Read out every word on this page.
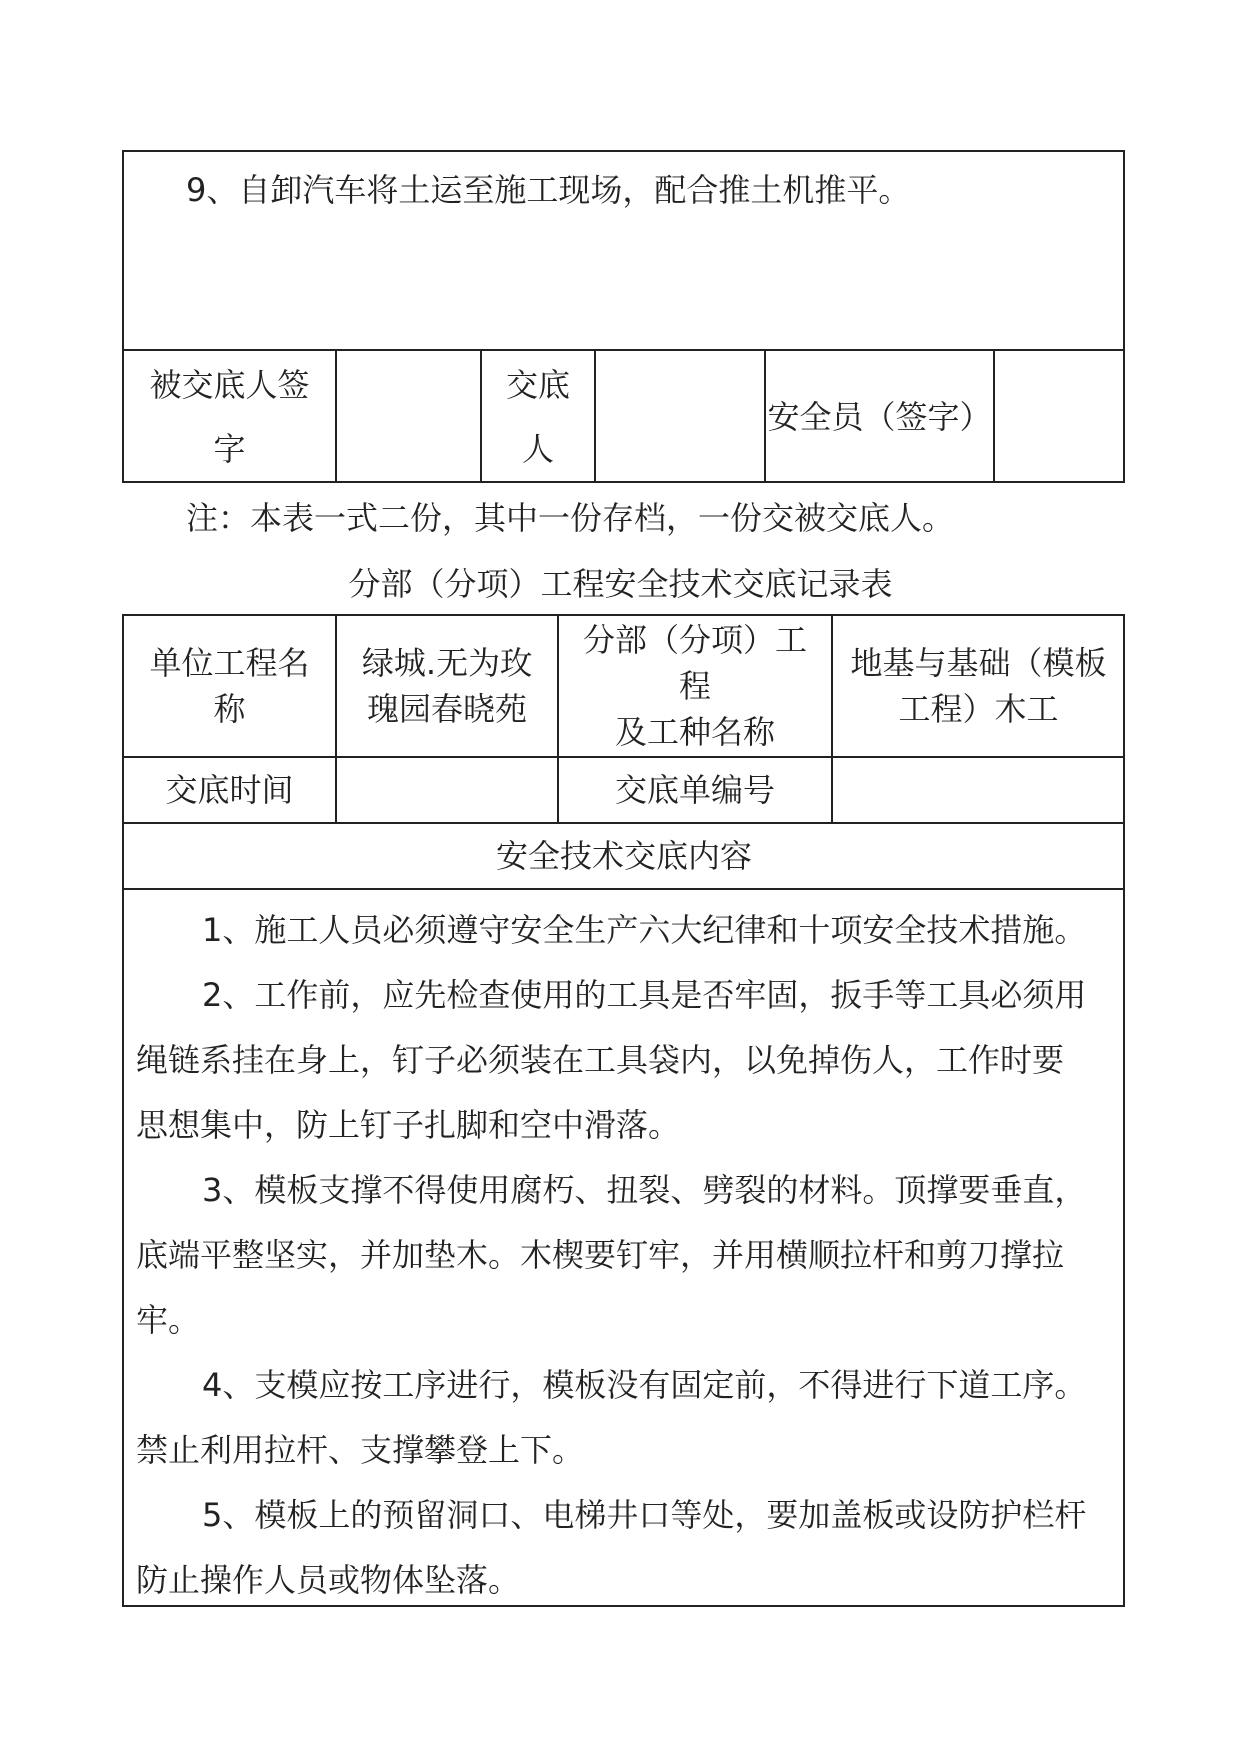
9、自卸汽车将土运至施工现场，配合推土机推平。
被交底人签
字
交底
人
安全员（签字）
注：本表一式二份，其中一份存档，一份交被交底人。
分部（分项）工程安全技术交底记录表
单位工程名
称
绿城.无为玫
瑰园春晓苑
分部（分项）工
程
及工种名称
地基与基础（模板
工程）木工
交底时间	交底单编号
安全技术交底内容
1、施工人员必须遵守安全生产六大纪律和十项安全技术措施。
2、工作前，应先检查使用的工具是否牢固，扳手等工具必须用
绳链系挂在身上，钉子必须装在工具袋内，以免掉伤人，工作时要
思想集中，防上钉子扎脚和空中滑落。
3、模板支撑不得使用腐朽、扭裂、劈裂的材料。顶撑要垂直，
底端平整坚实，并加垫木。木楔要钉牢，并用横顺拉杆和剪刀撑拉
牢。
4、支模应按工序进行，模板没有固定前，不得进行下道工序。
禁止利用拉杆、支撑攀登上下。
5、模板上的预留洞口、电梯井口等处，要加盖板或设防护栏杆
防止操作人员或物体坠落。
